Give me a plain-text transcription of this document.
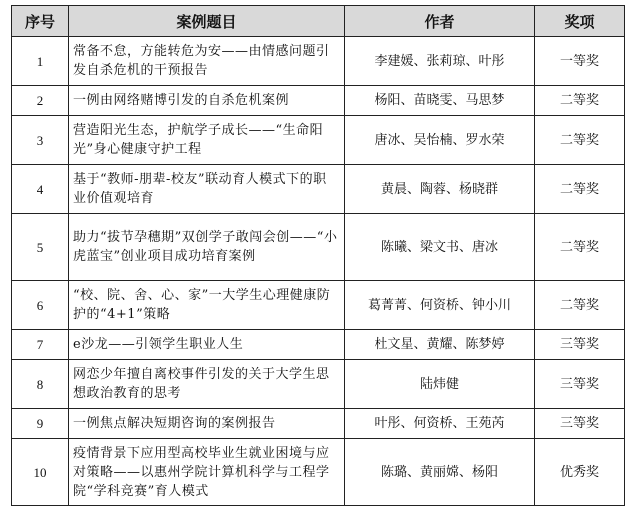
序号	案例题目	作者	奖项
1	常备不怠，方能转危为安——由情感问题引发自杀危机的干预报告	李建媛、张莉琼、叶彤	一等奖
2	一例由网络赌博引发的自杀危机案例	杨阳、苗晓雯、马思梦	二等奖
3	营造阳光生态，护航学子成长——“生命阳光”身心健康守护工程	唐冰、吴怡楠、罗水荣	二等奖
4	基于“教师-朋辈-校友”联动育人模式下的职业价值观培育	黄晨、陶蓉、杨晓群	二等奖
5	助力“拔节孕穗期”双创学子敢闯会创——“小虎蓝宝”创业项目成功培育案例	陈曦、梁文书、唐冰	二等奖
6	“校、院、舍、心、家”一大学生心理健康防护的“4+1”策略	葛菁菁、何资桥、钟小川	二等奖
7	e沙龙——引领学生职业人生	杜文星、黄耀、陈梦婷	三等奖
8	网恋少年擅自离校事件引发的关于大学生思想政治教育的思考	陆炜健	三等奖
9	一例焦点解决短期咨询的案例报告	叶彤、何资桥、王苑芮	三等奖
10	疫情背景下应用型高校毕业生就业困境与应对策略——以惠州学院计算机科学与工程学院“学科竞赛”育人模式	陈璐、黄丽嫦、杨阳	优秀奖
